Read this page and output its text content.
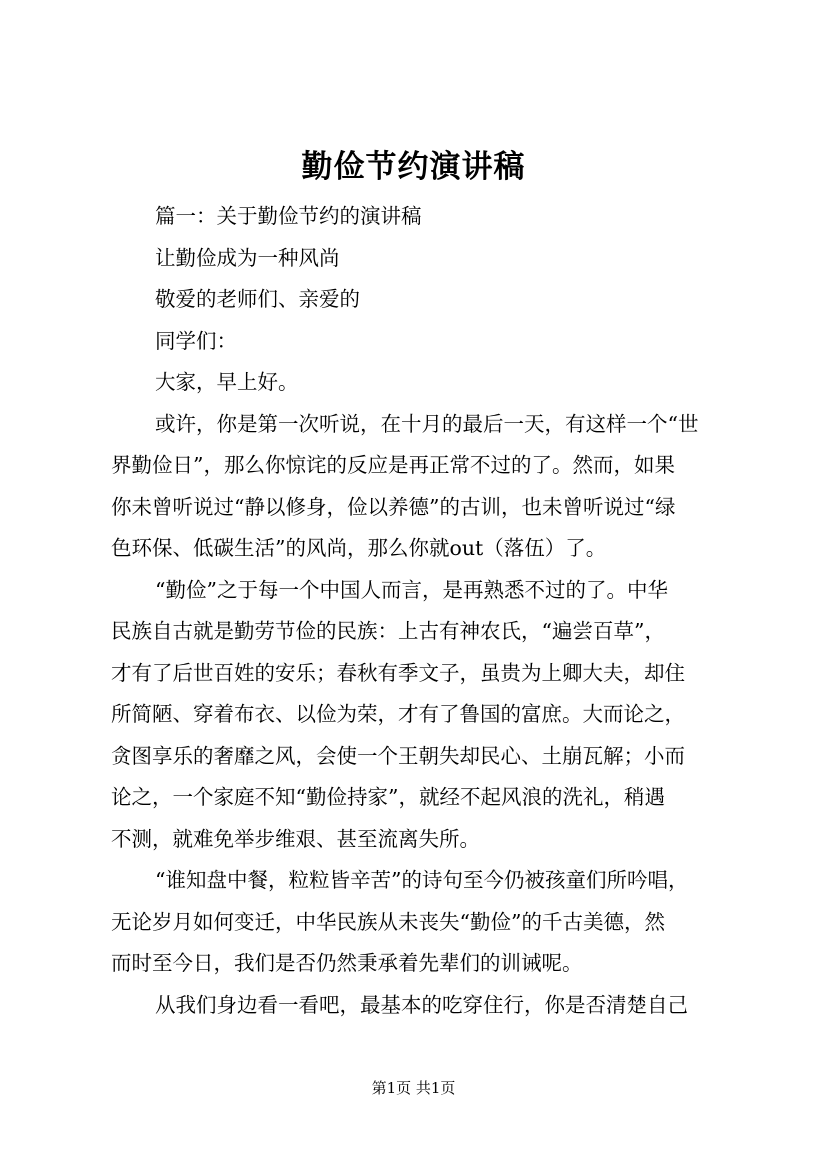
勤俭节约演讲稿
篇一：关于勤俭节约的演讲稿
让勤俭成为一种风尚
敬爱的老师们、亲爱的
同学们：
大家，早上好。
或许，你是第一次听说，在十月的最后一天，有这样一个“世
界勤俭日”，那么你惊诧的反应是再正常不过的了。然而，如果
你未曾听说过“静以修身，俭以养德”的古训，也未曾听说过“绿
色环保、低碳生活”的风尚，那么你就out（落伍）了。
“勤俭”之于每一个中国人而言，是再熟悉不过的了。中华
民族自古就是勤劳节俭的民族：上古有神农氏，“遍尝百草”，
才有了后世百姓的安乐；春秋有季文子，虽贵为上卿大夫，却住
所简陋、穿着布衣、以俭为荣，才有了鲁国的富庶。大而论之，
贪图享乐的奢靡之风，会使一个王朝失却民心、土崩瓦解；小而
论之，一个家庭不知“勤俭持家”，就经不起风浪的洗礼，稍遇
不测，就难免举步维艰、甚至流离失所。
“谁知盘中餐，粒粒皆辛苦”的诗句至今仍被孩童们所吟唱，
无论岁月如何变迁，中华民族从未丧失“勤俭”的千古美德，然
而时至今日，我们是否仍然秉承着先辈们的训诫呢。
从我们身边看一看吧，最基本的吃穿住行，你是否清楚自己
第1页 共1页
